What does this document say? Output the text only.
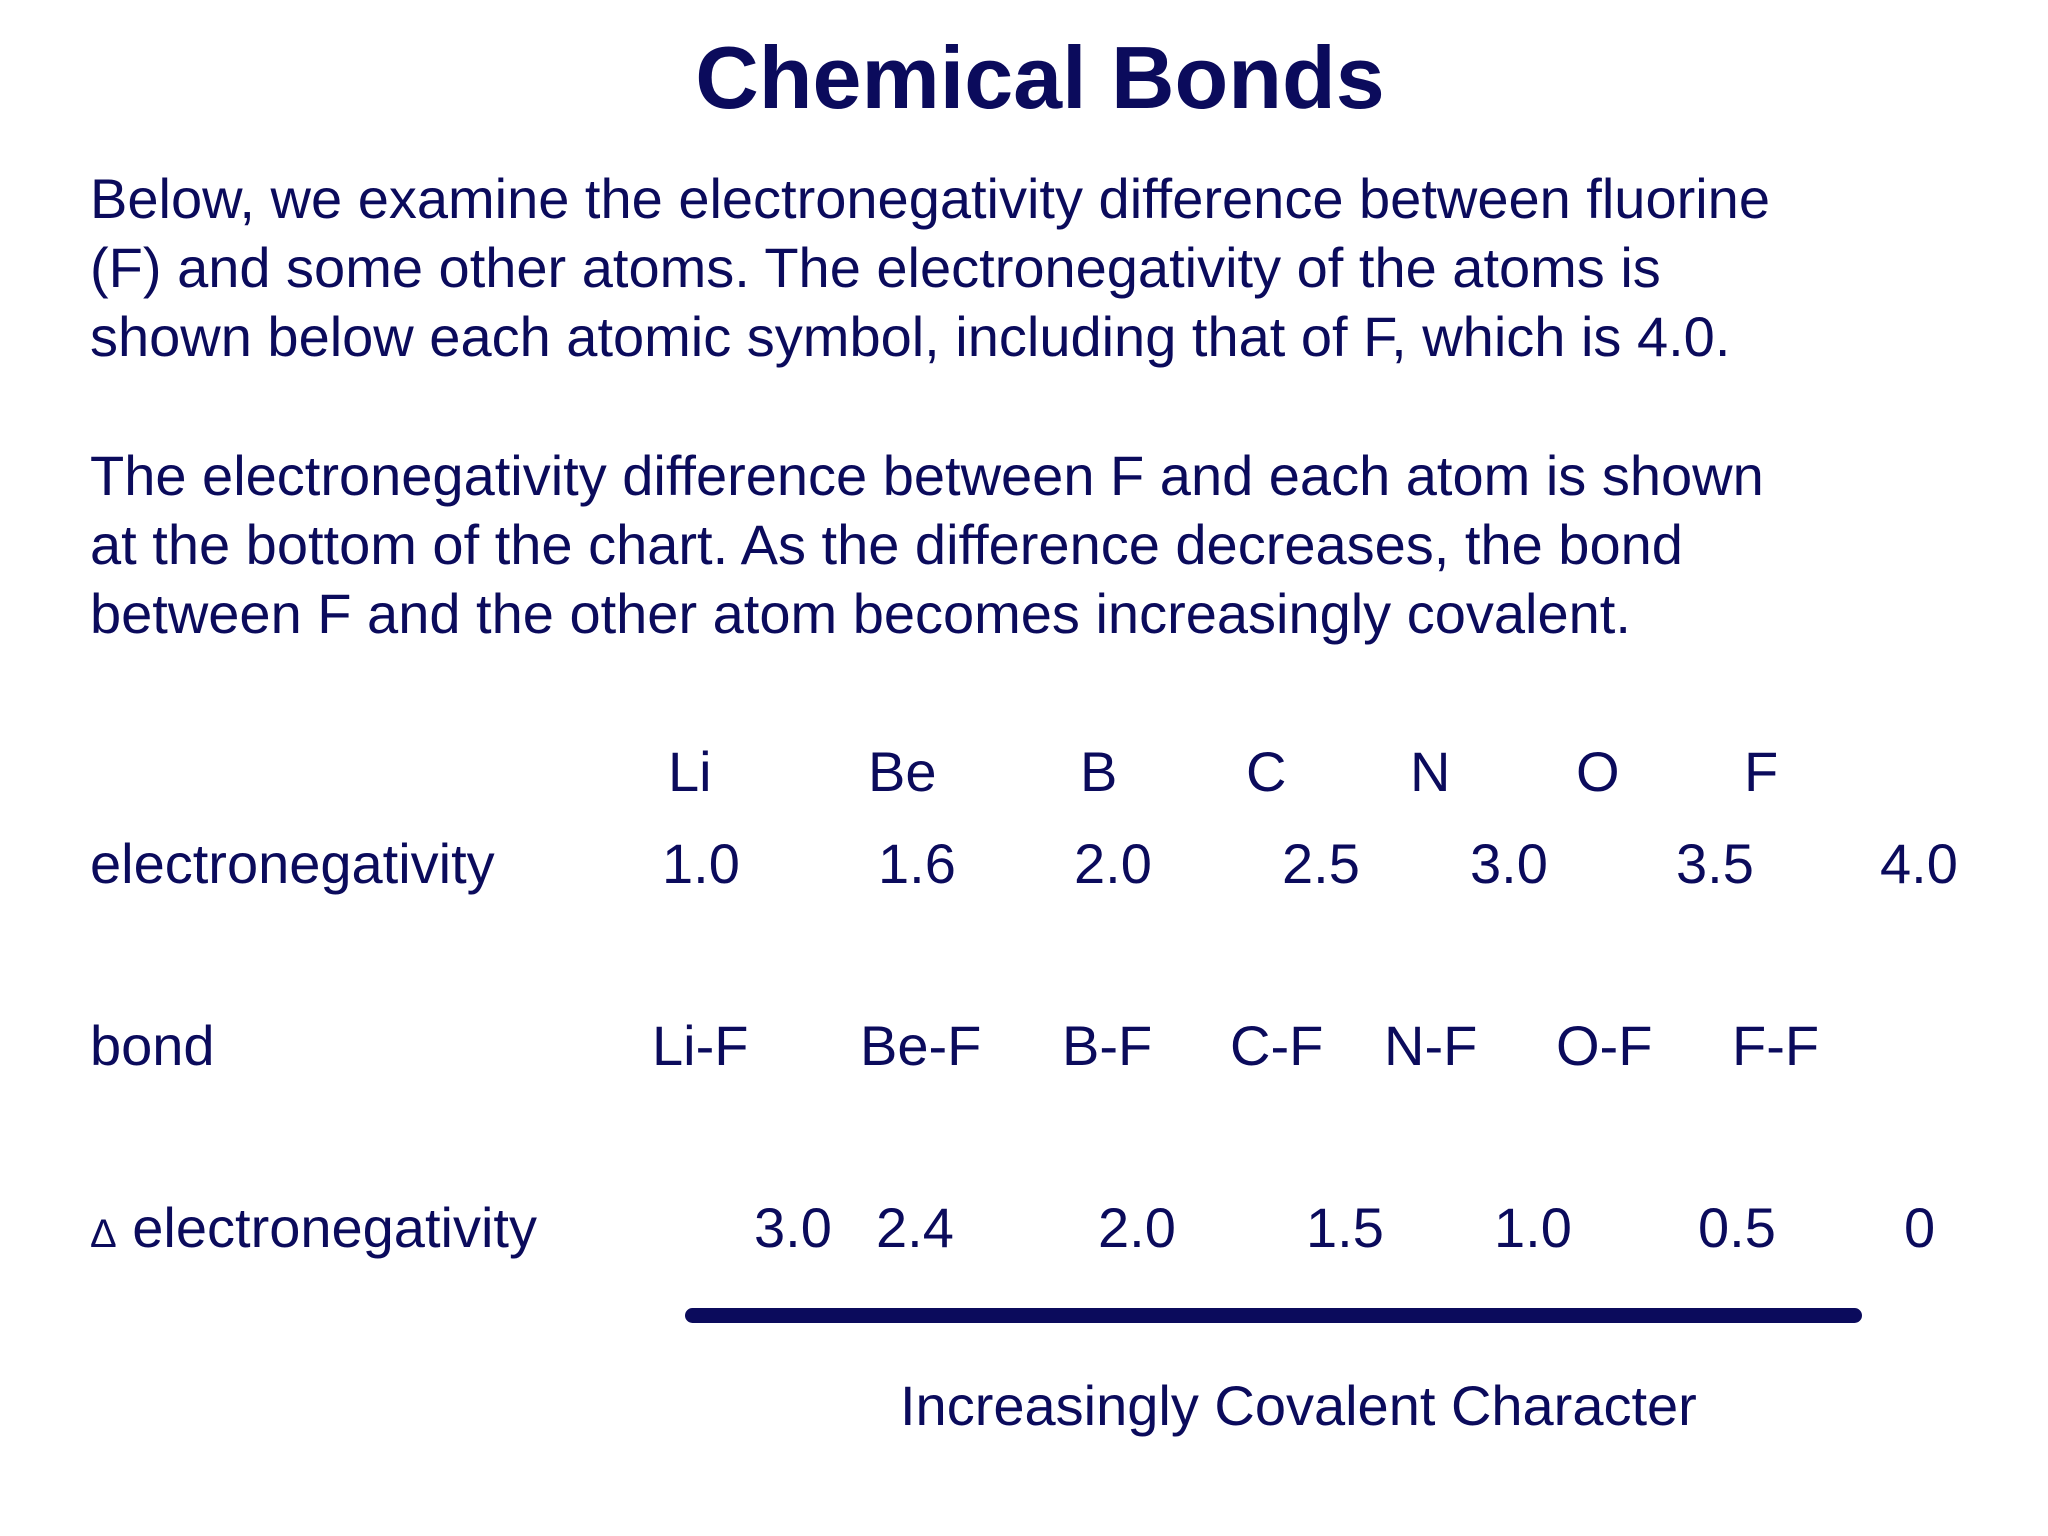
Chemical Bonds

Below, we examine the electronegativity difference between fluorine
(F) and some other atoms. The electronegativity of the atoms is
shown below each atomic symbol, including that of F, which is 4.0.

The electronegativity difference between F and each atom is shown
at the bottom of the chart. As the difference decreases, the bond
between F and the other atom becomes increasingly covalent.

Li	Be	B C N O F
electronegativity	1.0 1.6 2.0 2.5 3.0 3.5 4.0
bond	Li-F Be-F B-F C-F N-F O-F F-F
Δ electronegativity	3.0 2.4	2.0 1.5 1.0 0.5 0
Increasingly Covalent Character
